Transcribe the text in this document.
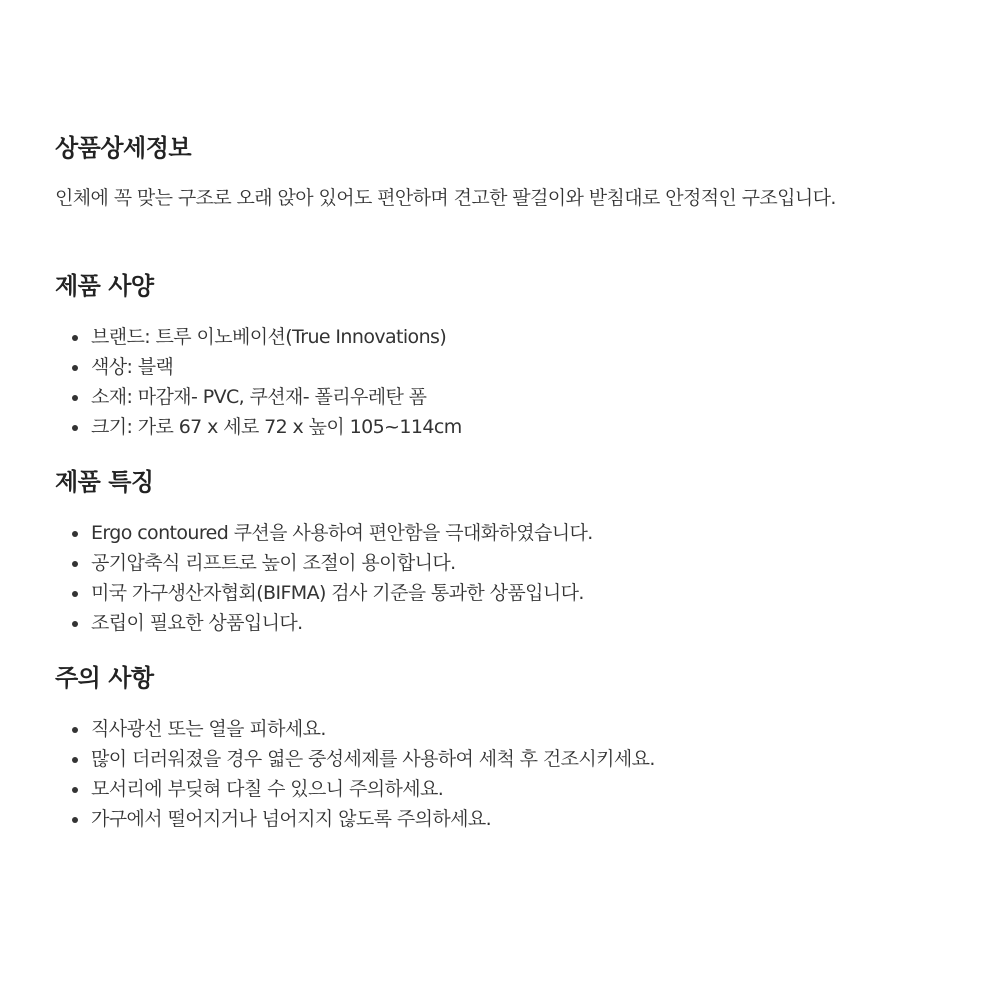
상품상세정보

인체에 꼭 맞는 구조로 오래 앉아 있어도 편안하며 견고한 팔걸이와 받침대로 안정적인 구조입니다.

제품 사양
브랜드: 트루 이노베이션(True Innovations)
색상: 블랙
소재: 마감재- PVC, 쿠션재- 폴리우레탄 폼
크기: 가로 67 x 세로 72 x 높이 105~114cm
제품 특징
Ergo contoured 쿠션을 사용하여 편안함을 극대화하였습니다.
공기압축식 리프트로 높이 조절이 용이합니다.
미국 가구생산자협회(BIFMA) 검사 기준을 통과한 상품입니다.
조립이 필요한 상품입니다.
주의 사항
직사광선 또는 열을 피하세요.
많이 더러워졌을 경우 엷은 중성세제를 사용하여 세척 후 건조시키세요.
모서리에 부딪혀 다칠 수 있으니 주의하세요.
가구에서 떨어지거나 넘어지지 않도록 주의하세요.
